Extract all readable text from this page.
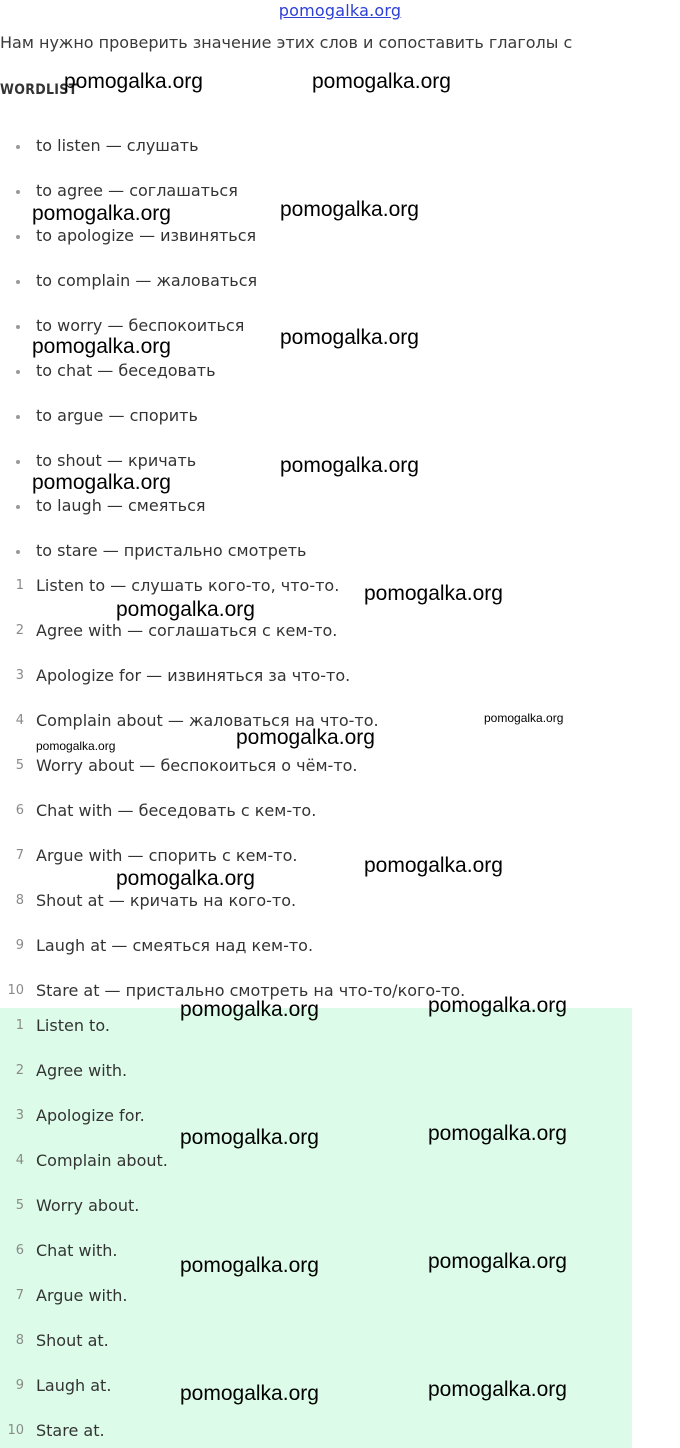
pomogalka.org
Нам нужно проверить значение этих слов и сопоставить глаголы с
WORDLIST
to listen — слушать
to agree — соглашаться
to apologize — извиняться
to complain — жаловаться
to worry — беспокоиться
to chat — беседовать
to argue — спорить
to shout — кричать
to laugh — смеяться
to stare — пристально смотреть
1 Listen to — слушать кого-то, что-то.
2 Agree with — соглашаться с кем-то.
3 Apologize for — извиняться за что-то.
4 Complain about — жаловаться на что-то.
5 Worry about — беспокоиться о чём-то.
6 Chat with — беседовать с кем-то.
7 Argue with — спорить с кем-то.
8 Shout at — кричать на кого-то.
9 Laugh at — смеяться над кем-то.
10 Stare at — пристально смотреть на что-то/кого-то.
1 Listen to.
2 Agree with.
3 Apologize for.
4 Complain about.
5 Worry about.
6 Chat with.
7 Argue with.
8 Shout at.
9 Laugh at.
10 Stare at.
pomogalka.org	pomogalka.org
pomogalka.org	pomogalka.org
pomogalka.org	pomogalka.org
pomogalka.org
pomogalka.org
pomogalka.org
pomogalka.org
pomogalka.org
pomogalka.org
pomogalka.org
pomogalka.org
pomogalka.org
pomogalka.org
pomogalka.org
pomogalka.org
pomogalka.org
pomogalka.org
pomogalka.org
pomogalka.org
pomogalka.org
